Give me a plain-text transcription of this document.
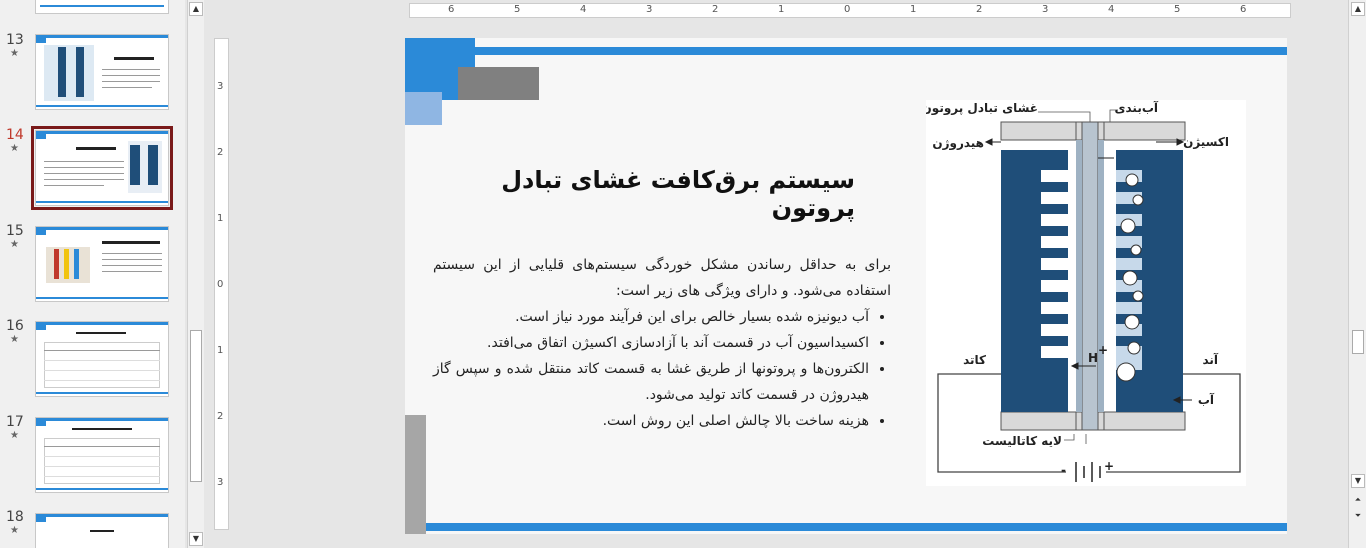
13
★
14
★
15
★
16
★
17
★
18
★
▲
▼
6	5	4	3	2	1	0	1	2	3	4	5	6
3
2
1
0
1
2
3
سیستم برق‌کافت غشای تبادل پروتون

برای به حداقل رساندن مشکل خوردگی سیستم‌های قلیایی از این سیستم استفاده می‌شود. و دارای ویژگی های زیر است:

• آب دیونیزه شده بسیار خالص برای این فرآیند مورد نیاز است.
• اکسیداسیون آب در قسمت آند با آزادسازی اکسیژن اتفاق می‌افتد.
• الکترون‌ها و پروتونها از طریق غشا به قسمت کاتد منتقل شده و سپس گاز هیدروژن در قسمت کاتد تولید می‌شود.
• هزینه ساخت بالا چالش اصلی این روش است.
غشای تبادل پروتون	آب‌بندی
هیدروژن	اکسیژن
کاتد	آند
آب
لایه کاتالیست
H
+
-	+
▲
▼
⏶
⏷
